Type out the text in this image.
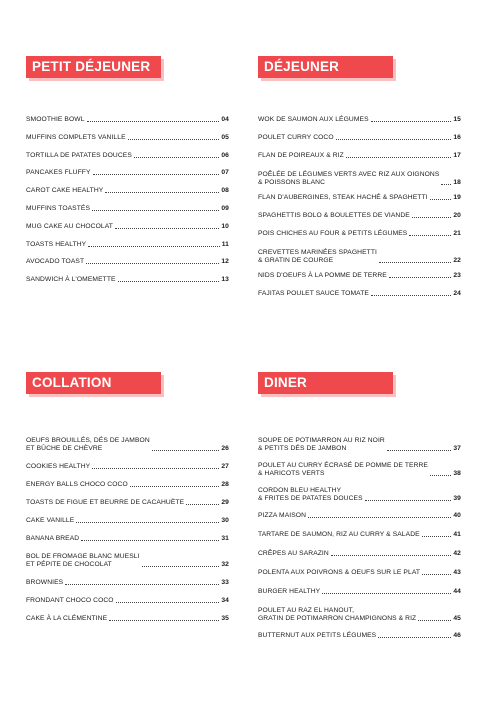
PETIT DÉJEUNER
SMOOTHIE BOWL	04
MUFFINS COMPLETS VANILLE	05
TORTILLA DE PATATES DOUCES	06
PANCAKES FLUFFY	07
CAROT CAKE HEALTHY	08
MUFFINS TOASTÉS	09
MUG CAKE AU CHOCOLAT	10
TOASTS HEALTHY	11
AVOCADO TOAST	12
SANDWICH À L'OMEMETTE	13
DÉJEUNER
WOK DE SAUMON AUX LÉGUMES	15
POULET CURRY COCO	16
FLAN DE POIREAUX & RIZ	17
POÊLÉE DE LÉGUMES VERTS AVEC RIZ AUX OIGNONS
& POISSONS BLANC	18
FLAN D'AUBERGINES, STEAK HACHÉ & SPAGHETTI	19
SPAGHETTIS BOLO & BOULETTES DE VIANDE	20
POIS CHICHES AU FOUR & PETITS LÉGUMES	21
CREVETTES MARINÉES SPAGHETTI
& GRATIN DE COURGE	22
NIDS D'OEUFS À LA POMME DE TERRE	23
FAJITAS POULET SAUCE TOMATE	24
COLLATION
OEUFS BROUILLÉS, DÉS DE JAMBON
ET BÛCHE DE CHÈVRE	26
COOKIES HEALTHY	27
ENERGY BALLS CHOCO COCO	28
TOASTS DE FIGUE ET BEURRE DE CACAHUÈTE	29
CAKE VANILLE	30
BANANA BREAD	31
BOL DE FROMAGE BLANC MUESLI
ET PÉPITE DE CHOCOLAT	32
BROWNIES	33
FRONDANT CHOCO COCO	34
CAKE À LA CLÉMENTINE	35
DINER
SOUPE DE POTIMARRON AU RIZ NOIR
& PETITS DÉS DE JAMBON	37
POULET AU CURRY ÉCRASÉ DE POMME DE TERRE
& HARICOTS VERTS	38
CORDON BLEU HEALTHY
& FRITES DE PATATES DOUCES	39
PIZZA MAISON	40
TARTARE DE SAUMON, RIZ AU CURRY & SALADE	41
CRÊPES AU SARAZIN	42
POLENTA AUX POIVRONS & OEUFS SUR LE PLAT	43
BURGER HEALTHY	44
POULET AU RAZ EL HANOUT,
GRATIN DE POTIMARRON CHAMPIGNONS & RIZ	45
BUTTERNUT AUX PETITS LÉGUMES	46
